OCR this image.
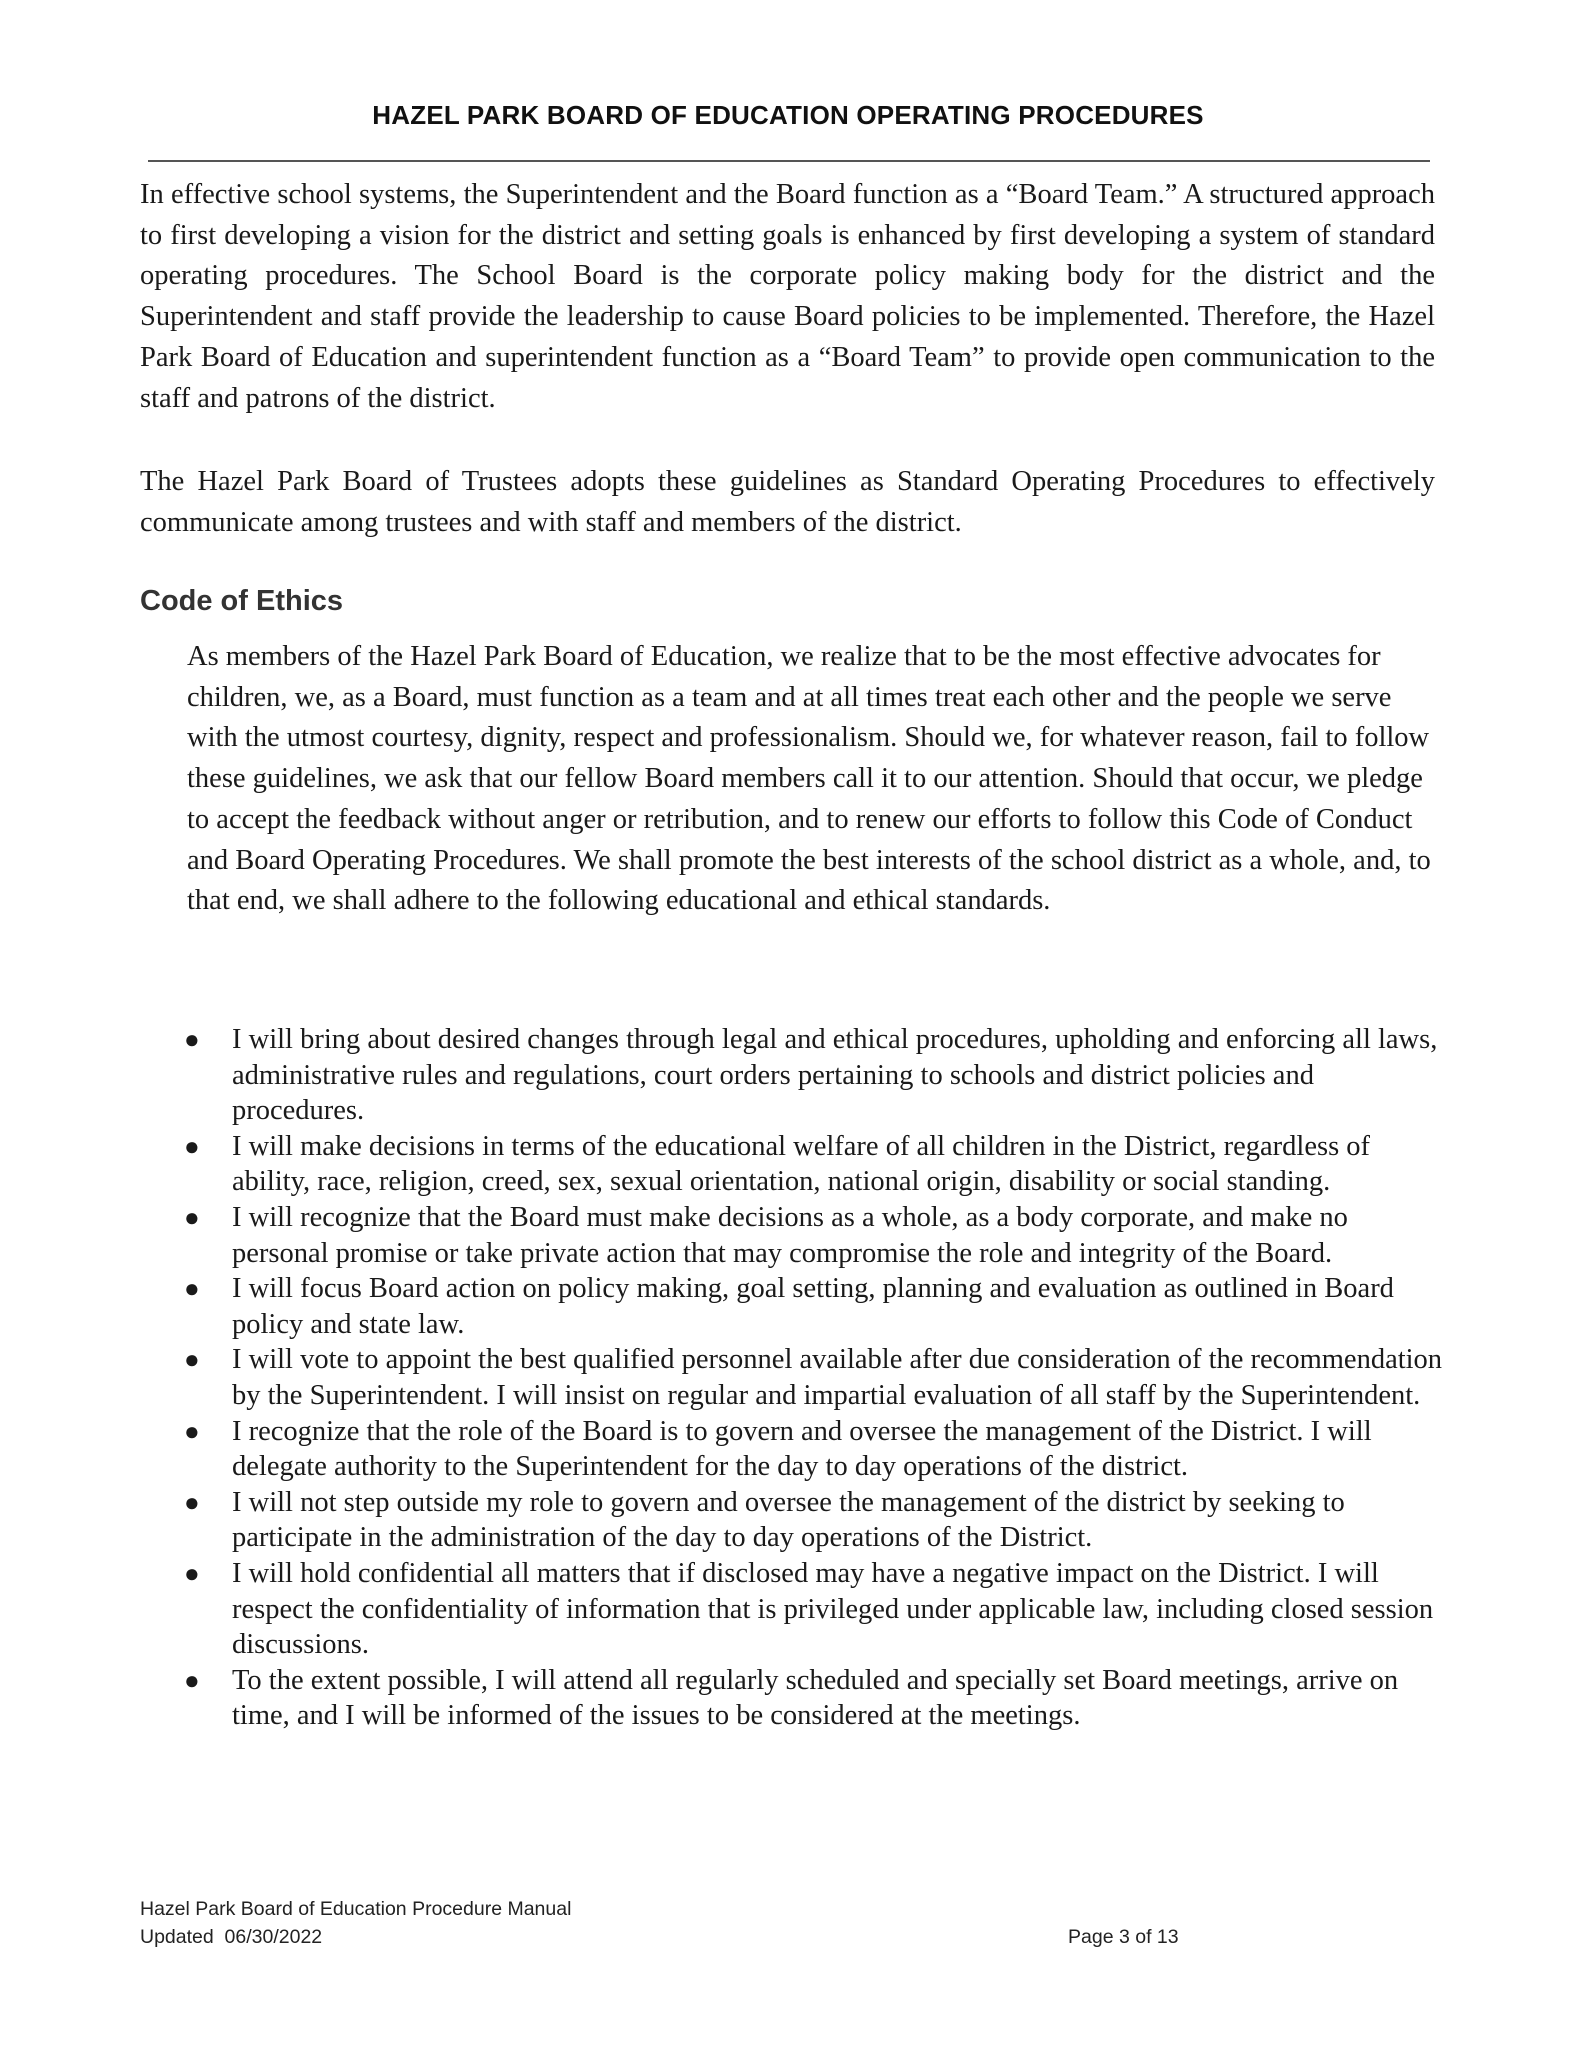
HAZEL PARK BOARD OF EDUCATION OPERATING PROCEDURES

In effective school systems, the Superintendent and the Board function as a “Board Team.” A structured approach to first developing a vision for the district and setting goals is enhanced by first developing a system of standard operating procedures. The School Board is the corporate policy making body for the district and the Superintendent and staff provide the leadership to cause Board policies to be implemented. Therefore, the Hazel Park Board of Education and superintendent function as a “Board Team” to provide open communication to the staff and patrons of the district.

The Hazel Park Board of Trustees adopts these guidelines as Standard Operating Procedures to effectively communicate among trustees and with staff and members of the district.

Code of Ethics

As members of the Hazel Park Board of Education, we realize that to be the most effective advocates for children, we, as a Board, must function as a team and at all times treat each other and the people we serve with the utmost courtesy, dignity, respect and professionalism. Should we, for whatever reason, fail to follow these guidelines, we ask that our fellow Board members call it to our attention. Should that occur, we pledge to accept the feedback without anger or retribution, and to renew our efforts to follow this Code of Conduct and Board Operating Procedures. We shall promote the best interests of the school district as a whole, and, to that end, we shall adhere to the following educational and ethical standards.

● I will bring about desired changes through legal and ethical procedures, upholding and enforcing all laws, administrative rules and regulations, court orders pertaining to schools and district policies and procedures.
● I will make decisions in terms of the educational welfare of all children in the District, regardless of ability, race, religion, creed, sex, sexual orientation, national origin, disability or social standing.
● I will recognize that the Board must make decisions as a whole, as a body corporate, and make no personal promise or take private action that may compromise the role and integrity of the Board.
● I will focus Board action on policy making, goal setting, planning and evaluation as outlined in Board policy and state law.
● I will vote to appoint the best qualified personnel available after due consideration of the recommendation by the Superintendent. I will insist on regular and impartial evaluation of all staff by the Superintendent.
● I recognize that the role of the Board is to govern and oversee the management of the District. I will delegate authority to the Superintendent for the day to day operations of the district.
● I will not step outside my role to govern and oversee the management of the district by seeking to participate in the administration of the day to day operations of the District.
● I will hold confidential all matters that if disclosed may have a negative impact on the District. I will respect the confidentiality of information that is privileged under applicable law, including closed session discussions.
● To the extent possible, I will attend all regularly scheduled and specially set Board meetings, arrive on time, and I will be informed of the issues to be considered at the meetings.
Hazel Park Board of Education Procedure Manual
Updated  06/30/2022	Page 3 of 13
